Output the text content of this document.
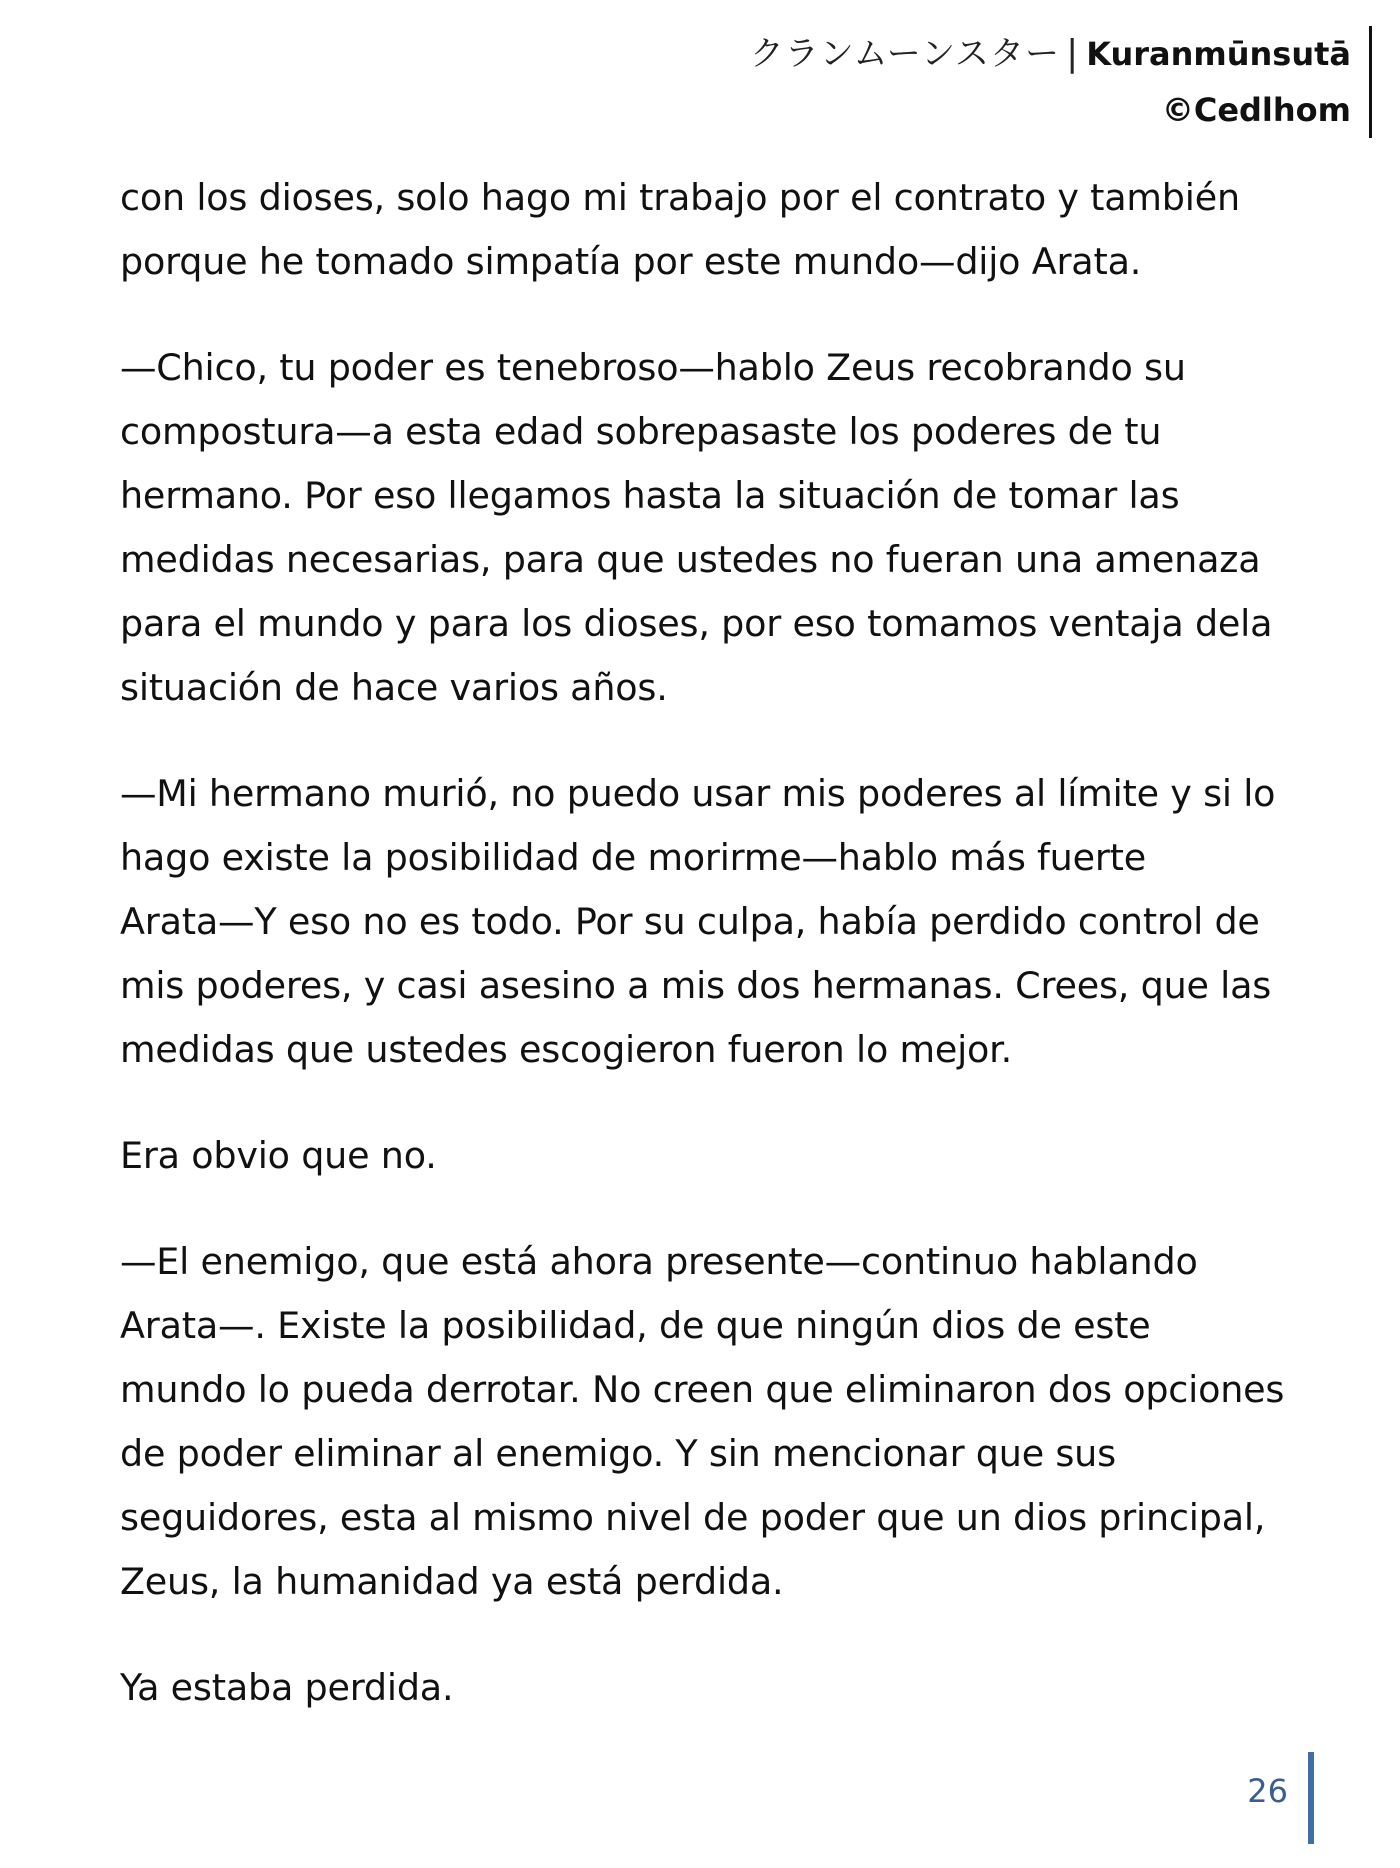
クランムーンスター | Kuranmūnsutā
©Cedlhom

con los dioses, solo hago mi trabajo por el contrato y también
porque he tomado simpatía por este mundo—dijo Arata.

—Chico, tu poder es tenebroso—hablo Zeus recobrando su
compostura—a esta edad sobrepasaste los poderes de tu
hermano. Por eso llegamos hasta la situación de tomar las
medidas necesarias, para que ustedes no fueran una amenaza
para el mundo y para los dioses, por eso tomamos ventaja dela
situación de hace varios años.

—Mi hermano murió, no puedo usar mis poderes al límite y si lo
hago existe la posibilidad de morirme—hablo más fuerte
Arata—Y eso no es todo. Por su culpa, había perdido control de
mis poderes, y casi asesino a mis dos hermanas. Crees, que las
medidas que ustedes escogieron fueron lo mejor.

Era obvio que no.

—El enemigo, que está ahora presente—continuo hablando
Arata—. Existe la posibilidad, de que ningún dios de este
mundo lo pueda derrotar. No creen que eliminaron dos opciones
de poder eliminar al enemigo. Y sin mencionar que sus
seguidores, esta al mismo nivel de poder que un dios principal,
Zeus, la humanidad ya está perdida.

Ya estaba perdida.

26
